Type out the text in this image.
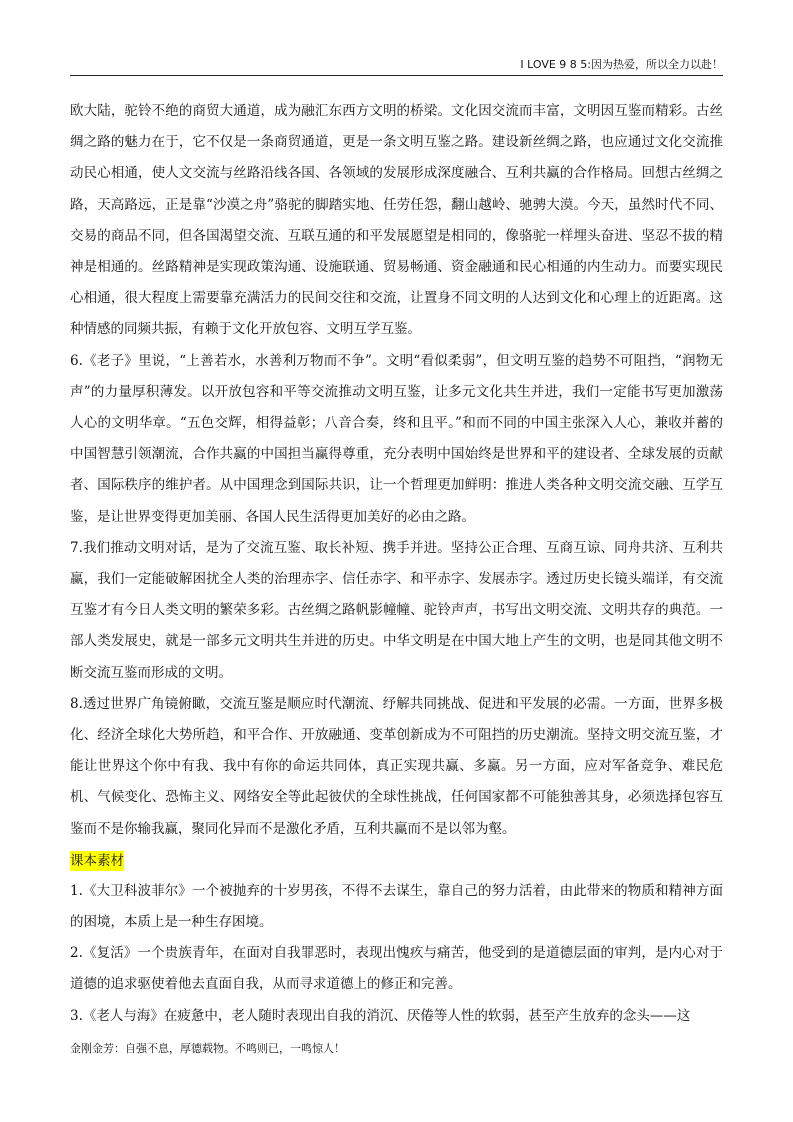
I LOVE 9 8 5:因为热爱，所以全力以赴！

欧大陆，驼铃不绝的商贸大通道，成为融汇东西方文明的桥梁。文化因交流而丰富，文明因互鉴而精彩。古丝绸之路的魅力在于，它不仅是一条商贸通道，更是一条文明互鉴之路。建设新丝绸之路，也应通过文化交流推动民心相通，使人文交流与丝路沿线各国、各领域的发展形成深度融合、互利共赢的合作格局。回想古丝绸之路，天高路远，正是靠“沙漠之舟”骆驼的脚踏实地、任劳任怨，翻山越岭、驰骋大漠。今天，虽然时代不同、交易的商品不同，但各国渴望交流、互联互通的和平发展愿望是相同的，像骆驼一样埋头奋进、坚忍不拔的精神是相通的。丝路精神是实现政策沟通、设施联通、贸易畅通、资金融通和民心相通的内生动力。而要实现民心相通，很大程度上需要靠充满活力的民间交往和交流，让置身不同文明的人达到文化和心理上的近距离。这种情感的同频共振，有赖于文化开放包容、文明互学互鉴。

6.《老子》里说，“上善若水，水善利万物而不争”。文明“看似柔弱”，但文明互鉴的趋势不可阻挡，“润物无声”的力量厚积薄发。以开放包容和平等交流推动文明互鉴，让多元文化共生并进，我们一定能书写更加激荡人心的文明华章。“五色交辉，相得益彰；八音合奏，终和且平。”和而不同的中国主张深入人心，兼收并蓄的中国智慧引领潮流，合作共赢的中国担当赢得尊重，充分表明中国始终是世界和平的建设者、全球发展的贡献者、国际秩序的维护者。从中国理念到国际共识，让一个哲理更加鲜明：推进人类各种文明交流交融、互学互鉴，是让世界变得更加美丽、各国人民生活得更加美好的必由之路。

7.我们推动文明对话，是为了交流互鉴、取长补短、携手并进。坚持公正合理、互商互谅、同舟共济、互利共赢，我们一定能破解困扰全人类的治理赤字、信任赤字、和平赤字、发展赤字。透过历史长镜头端详，有交流互鉴才有今日人类文明的繁荣多彩。古丝绸之路帆影幢幢、驼铃声声，书写出文明交流、文明共存的典范。一部人类发展史，就是一部多元文明共生并进的历史。中华文明是在中国大地上产生的文明，也是同其他文明不断交流互鉴而形成的文明。

8.透过世界广角镜俯瞰，交流互鉴是顺应时代潮流、纾解共同挑战、促进和平发展的必需。一方面，世界多极化、经济全球化大势所趋，和平合作、开放融通、变革创新成为不可阻挡的历史潮流。坚持文明交流互鉴，才能让世界这个你中有我、我中有你的命运共同体，真正实现共赢、多赢。另一方面，应对军备竞争、难民危机、气候变化、恐怖主义、网络安全等此起彼伏的全球性挑战，任何国家都不可能独善其身，必须选择包容互鉴而不是你输我赢，聚同化异而不是激化矛盾，互利共赢而不是以邻为壑。

课本素材

1.《大卫科波菲尔》一个被抛弃的十岁男孩，不得不去谋生，靠自己的努力活着，由此带来的物质和精神方面的困境，本质上是一种生存困境。

2.《复活》一个贵族青年，在面对自我罪恶时，表现出愧疚与痛苦，他受到的是道德层面的审判，是内心对于道德的追求驱使着他去直面自我，从而寻求道德上的修正和完善。

3.《老人与海》在疲惫中，老人随时表现出自我的消沉、厌倦等人性的软弱，甚至产生放弃的念头——这

金刚金芳：自强不息，厚德载物。不鸣则已，一鸣惊人！
